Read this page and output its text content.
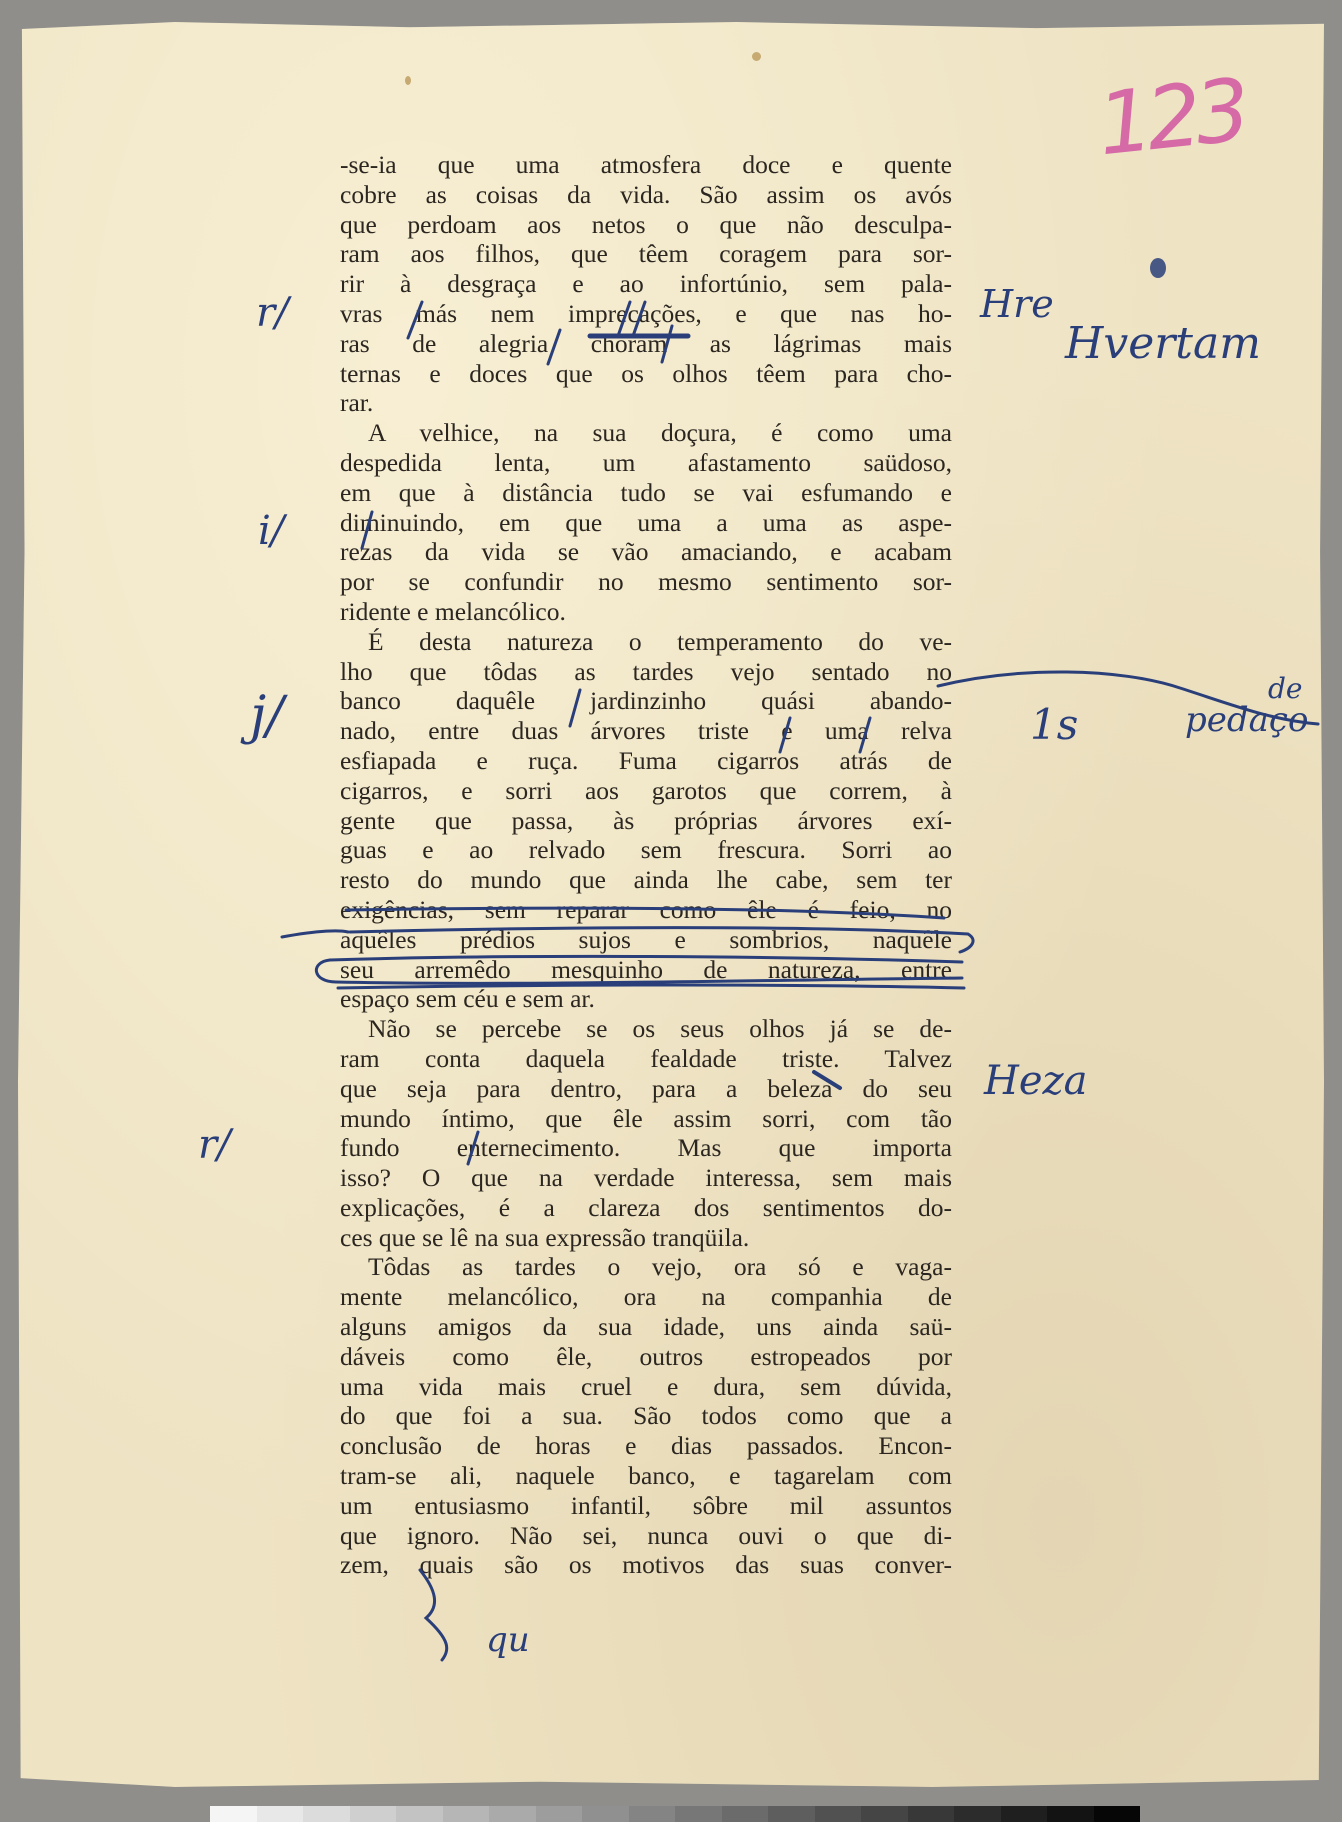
123
-se-ia que uma atmosfera doce e quente
cobre as coisas da vida. São assim os avós
que perdoam aos netos o que não desculpa-
ram aos filhos, que têem coragem para sor-
rir à desgraça e ao infortúnio, sem pala-
vras más nem imprecações, e que nas ho-
ras de alegria choram as lágrimas mais
ternas e doces que os olhos têem para cho-
rar.
A velhice, na sua doçura, é como uma
despedida lenta, um afastamento saüdoso,
em que à distância tudo se vai esfumando e
diminuindo, em que uma a uma as aspe-
rezas da vida se vão amaciando, e acabam
por se confundir no mesmo sentimento sor-
ridente e melancólico.
É desta natureza o temperamento do ve-
lho que tôdas as tardes vejo sentado no
banco daquêle jardinzinho quási abando-
nado, entre duas árvores triste e uma relva
esfiapada e ruça. Fuma cigarros atrás de
cigarros, e sorri aos garotos que correm, à
gente que passa, às próprias árvores exí-
guas e ao relvado sem frescura. Sorri ao
resto do mundo que ainda lhe cabe, sem ter
exigências, sem reparar como êle é feio, no
aquêles prédios sujos e sombrios, naquêle
seu arremêdo mesquinho de natureza, entre
espaço sem céu e sem ar.
Não se percebe se os seus olhos já se de-
ram conta daquela fealdade triste. Talvez
que seja para dentro, para a beleza do seu
mundo íntimo, que êle assim sorri, com tão
fundo enternecimento. Mas que importa
isso? O que na verdade interessa, sem mais
explicações, é a clareza dos sentimentos do-
ces que se lê na sua expressão tranqüila.
Tôdas as tardes o vejo, ora só e vaga-
mente melancólico, ora na companhia de
alguns amigos da sua idade, uns ainda saü-
dáveis como êle, outros estropeados por
uma vida mais cruel e dura, sem dúvida,
do que foi a sua. São todos como que a
conclusão de horas e dias passados. Encon-
tram-se ali, naquele banco, e tagarelam com
um entusiasmo infantil, sôbre mil assuntos
que ignoro. Não sei, nunca ouvi o que di-
zem, quais são os motivos das suas conver-
r/
i/
j/
r/
Hre
Hvertam
1s
de
pedaço
Heza
qu
